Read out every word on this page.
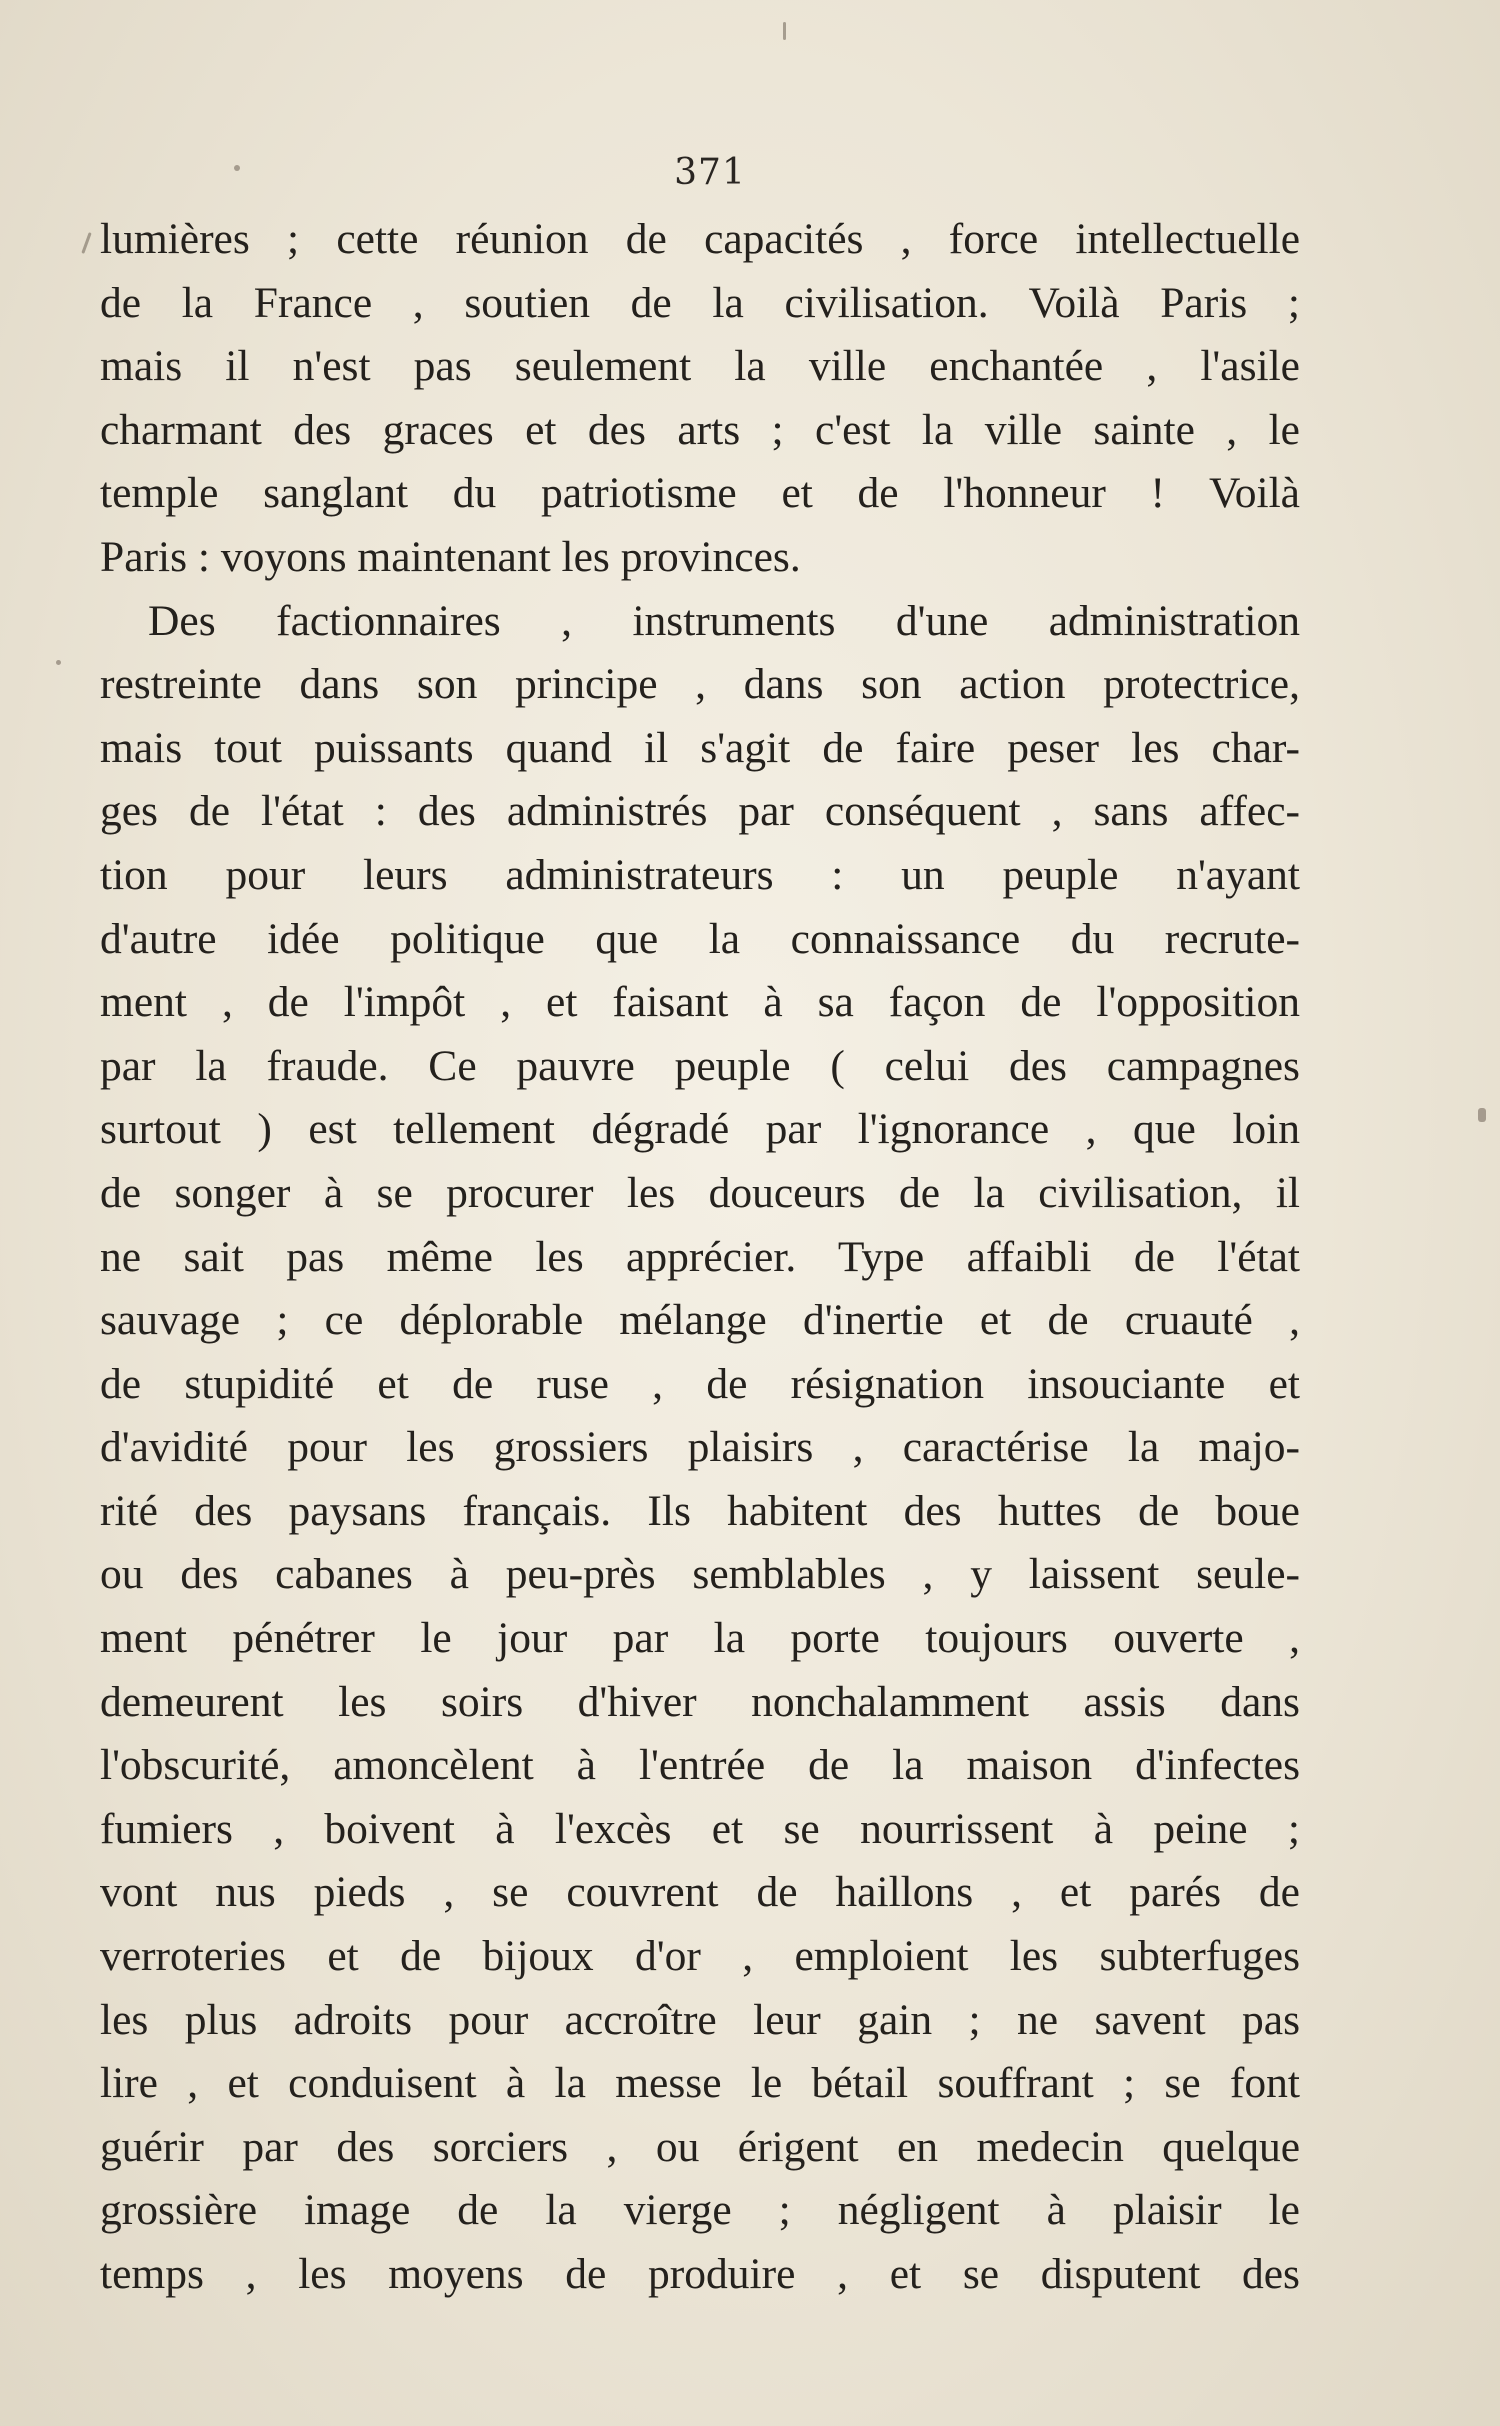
371

lumières ; cette réunion de capacités , force intellectuelle
de la France , soutien de la civilisation. Voilà Paris ;
mais il n'est pas seulement la ville enchantée , l'asile
charmant des graces et des arts ; c'est la ville sainte , le
temple sanglant du patriotisme et de l'honneur ! Voilà
Paris : voyons maintenant les provinces.

Des factionnaires , instruments d'une administration
restreinte dans son principe , dans son action protectrice,
mais tout puissants quand il s'agit de faire peser les char-
ges de l'état : des administrés par conséquent , sans affec-
tion pour leurs administrateurs : un peuple n'ayant
d'autre idée politique que la connaissance du recrute-
ment , de l'impôt , et faisant à sa façon de l'opposition
par la fraude. Ce pauvre peuple ( celui des campagnes
surtout ) est tellement dégradé par l'ignorance , que loin
de songer à se procurer les douceurs de la civilisation, il
ne sait pas même les apprécier. Type affaibli de l'état
sauvage ; ce déplorable mélange d'inertie et de cruauté ,
de stupidité et de ruse , de résignation insouciante et
d'avidité pour les grossiers plaisirs , caractérise la majo-
rité des paysans français. Ils habitent des huttes de boue
ou des cabanes à peu-près semblables , y laissent seule-
ment pénétrer le jour par la porte toujours ouverte ,
demeurent les soirs d'hiver nonchalamment assis dans
l'obscurité, amoncèlent à l'entrée de la maison d'infectes
fumiers , boivent à l'excès et se nourrissent à peine ;
vont nus pieds , se couvrent de haillons , et parés de
verroteries et de bijoux d'or , emploient les subterfuges
les plus adroits pour accroître leur gain ; ne savent pas
lire , et conduisent à la messe le bétail souffrant ; se font
guérir par des sorciers , ou érigent en medecin quelque
grossière image de la vierge ; négligent à plaisir le
temps , les moyens de produire , et se disputent des
